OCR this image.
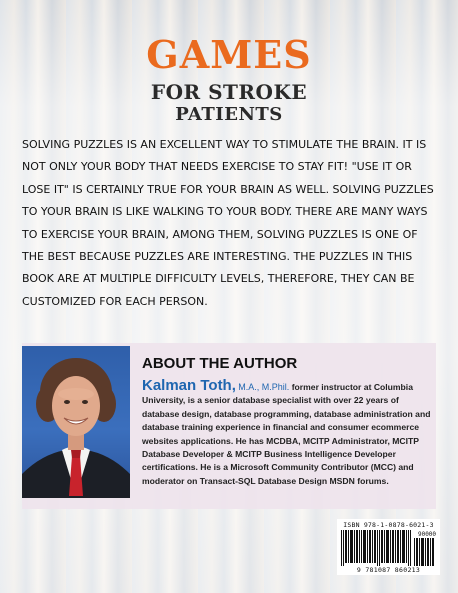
GAMES
FOR STROKE
PATIENTS

SOLVING PUZZLES IS AN EXCELLENT WAY TO STIMULATE THE BRAIN. IT IS NOT ONLY YOUR BODY THAT NEEDS EXERCISE TO STAY FIT! "USE IT OR LOSE IT" IS CERTAINLY TRUE FOR YOUR BRAIN AS WELL. SOLVING PUZZLES TO YOUR BRAIN IS LIKE WALKING TO YOUR BODY. THERE ARE MANY WAYS TO EXERCISE YOUR BRAIN, AMONG THEM, SOLVING PUZZLES IS ONE OF THE BEST BECAUSE PUZZLES ARE INTERESTING. THE PUZZLES IN THIS BOOK ARE AT MULTIPLE DIFFICULTY LEVELS, THEREFORE, THEY CAN BE CUSTOMIZED FOR EACH PERSON.

ABOUT THE AUTHOR

Kalman Toth, M.A., M.Phil. former instructor at Columbia University, is a senior database specialist with over 22 years of database design, database programming, database administration and database training experience in financial and consumer ecommerce websites applications. He has MCDBA, MCITP Administrator, MCITP Database Developer & MCITP Business Intelligence Developer certifications. He is a Microsoft Community Contributor (MCC) and moderator on Transact-SQL Database Design MSDN forums.

ISBN 978-1-0878-6021-3
90000
9 781087 860213
